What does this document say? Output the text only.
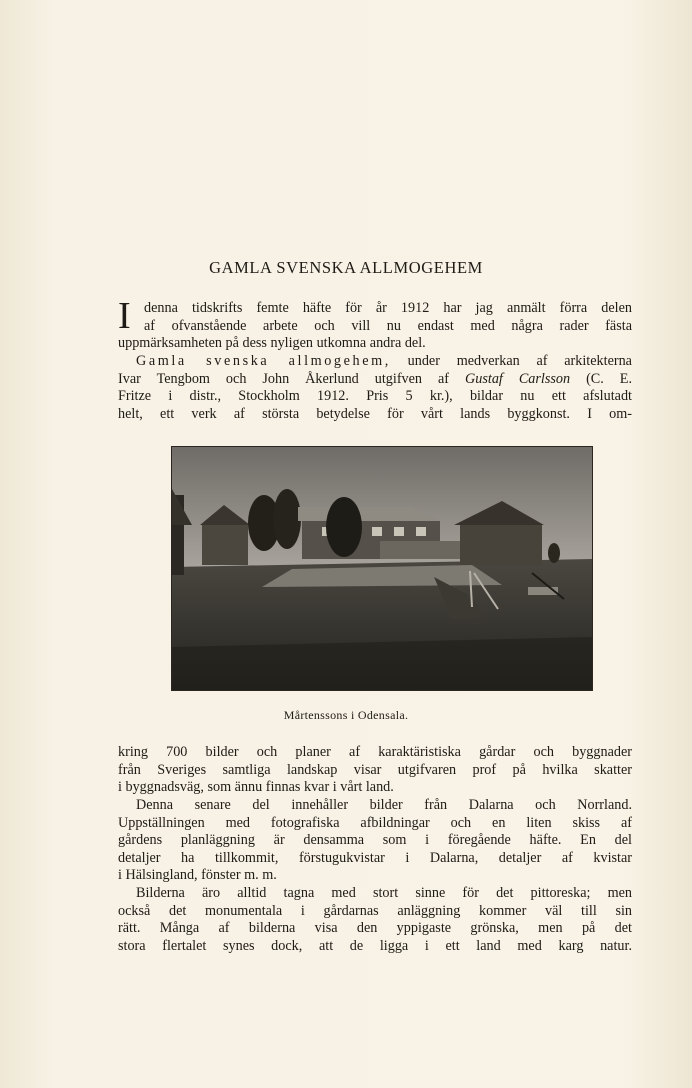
GAMLA SVENSKA ALLMOGEHEM
I denna tidskrifts femte häfte för år 1912 har jag anmält förra delen
af ofvanstående arbete och vill nu endast med några rader fästa
uppmärksamheten på dess nyligen utkomna andra del.
Gamla svenska allmogehem, under medverkan af arkitekterna
Ivar Tengbom och John Åkerlund utgifven af Gustaf Carlsson (C. E.
Fritze i distr., Stockholm 1912. Pris 5 kr.), bildar nu ett afslutadt
helt, ett verk af största betydelse för vårt lands byggkonst. I om-
Mårtenssons i Odensala.
kring 700 bilder och planer af karaktäristiska gårdar och byggnader
från Sveriges samtliga landskap visar utgifvaren prof på hvilka skatter
i byggnadsväg, som ännu finnas kvar i vårt land.
Denna senare del innehåller bilder från Dalarna och Norrland.
Uppställningen med fotografiska afbildningar och en liten skiss af
gårdens planläggning är densamma som i föregående häfte. En del
detaljer ha tillkommit, förstugukvistar i Dalarna, detaljer af kvistar
i Hälsingland, fönster m. m.
Bilderna äro alltid tagna med stort sinne för det pittoreska; men
också det monumentala i gårdarnas anläggning kommer väl till sin
rätt. Många af bilderna visa den yppigaste grönska, men på det
stora flertalet synes dock, att de ligga i ett land med karg natur.
